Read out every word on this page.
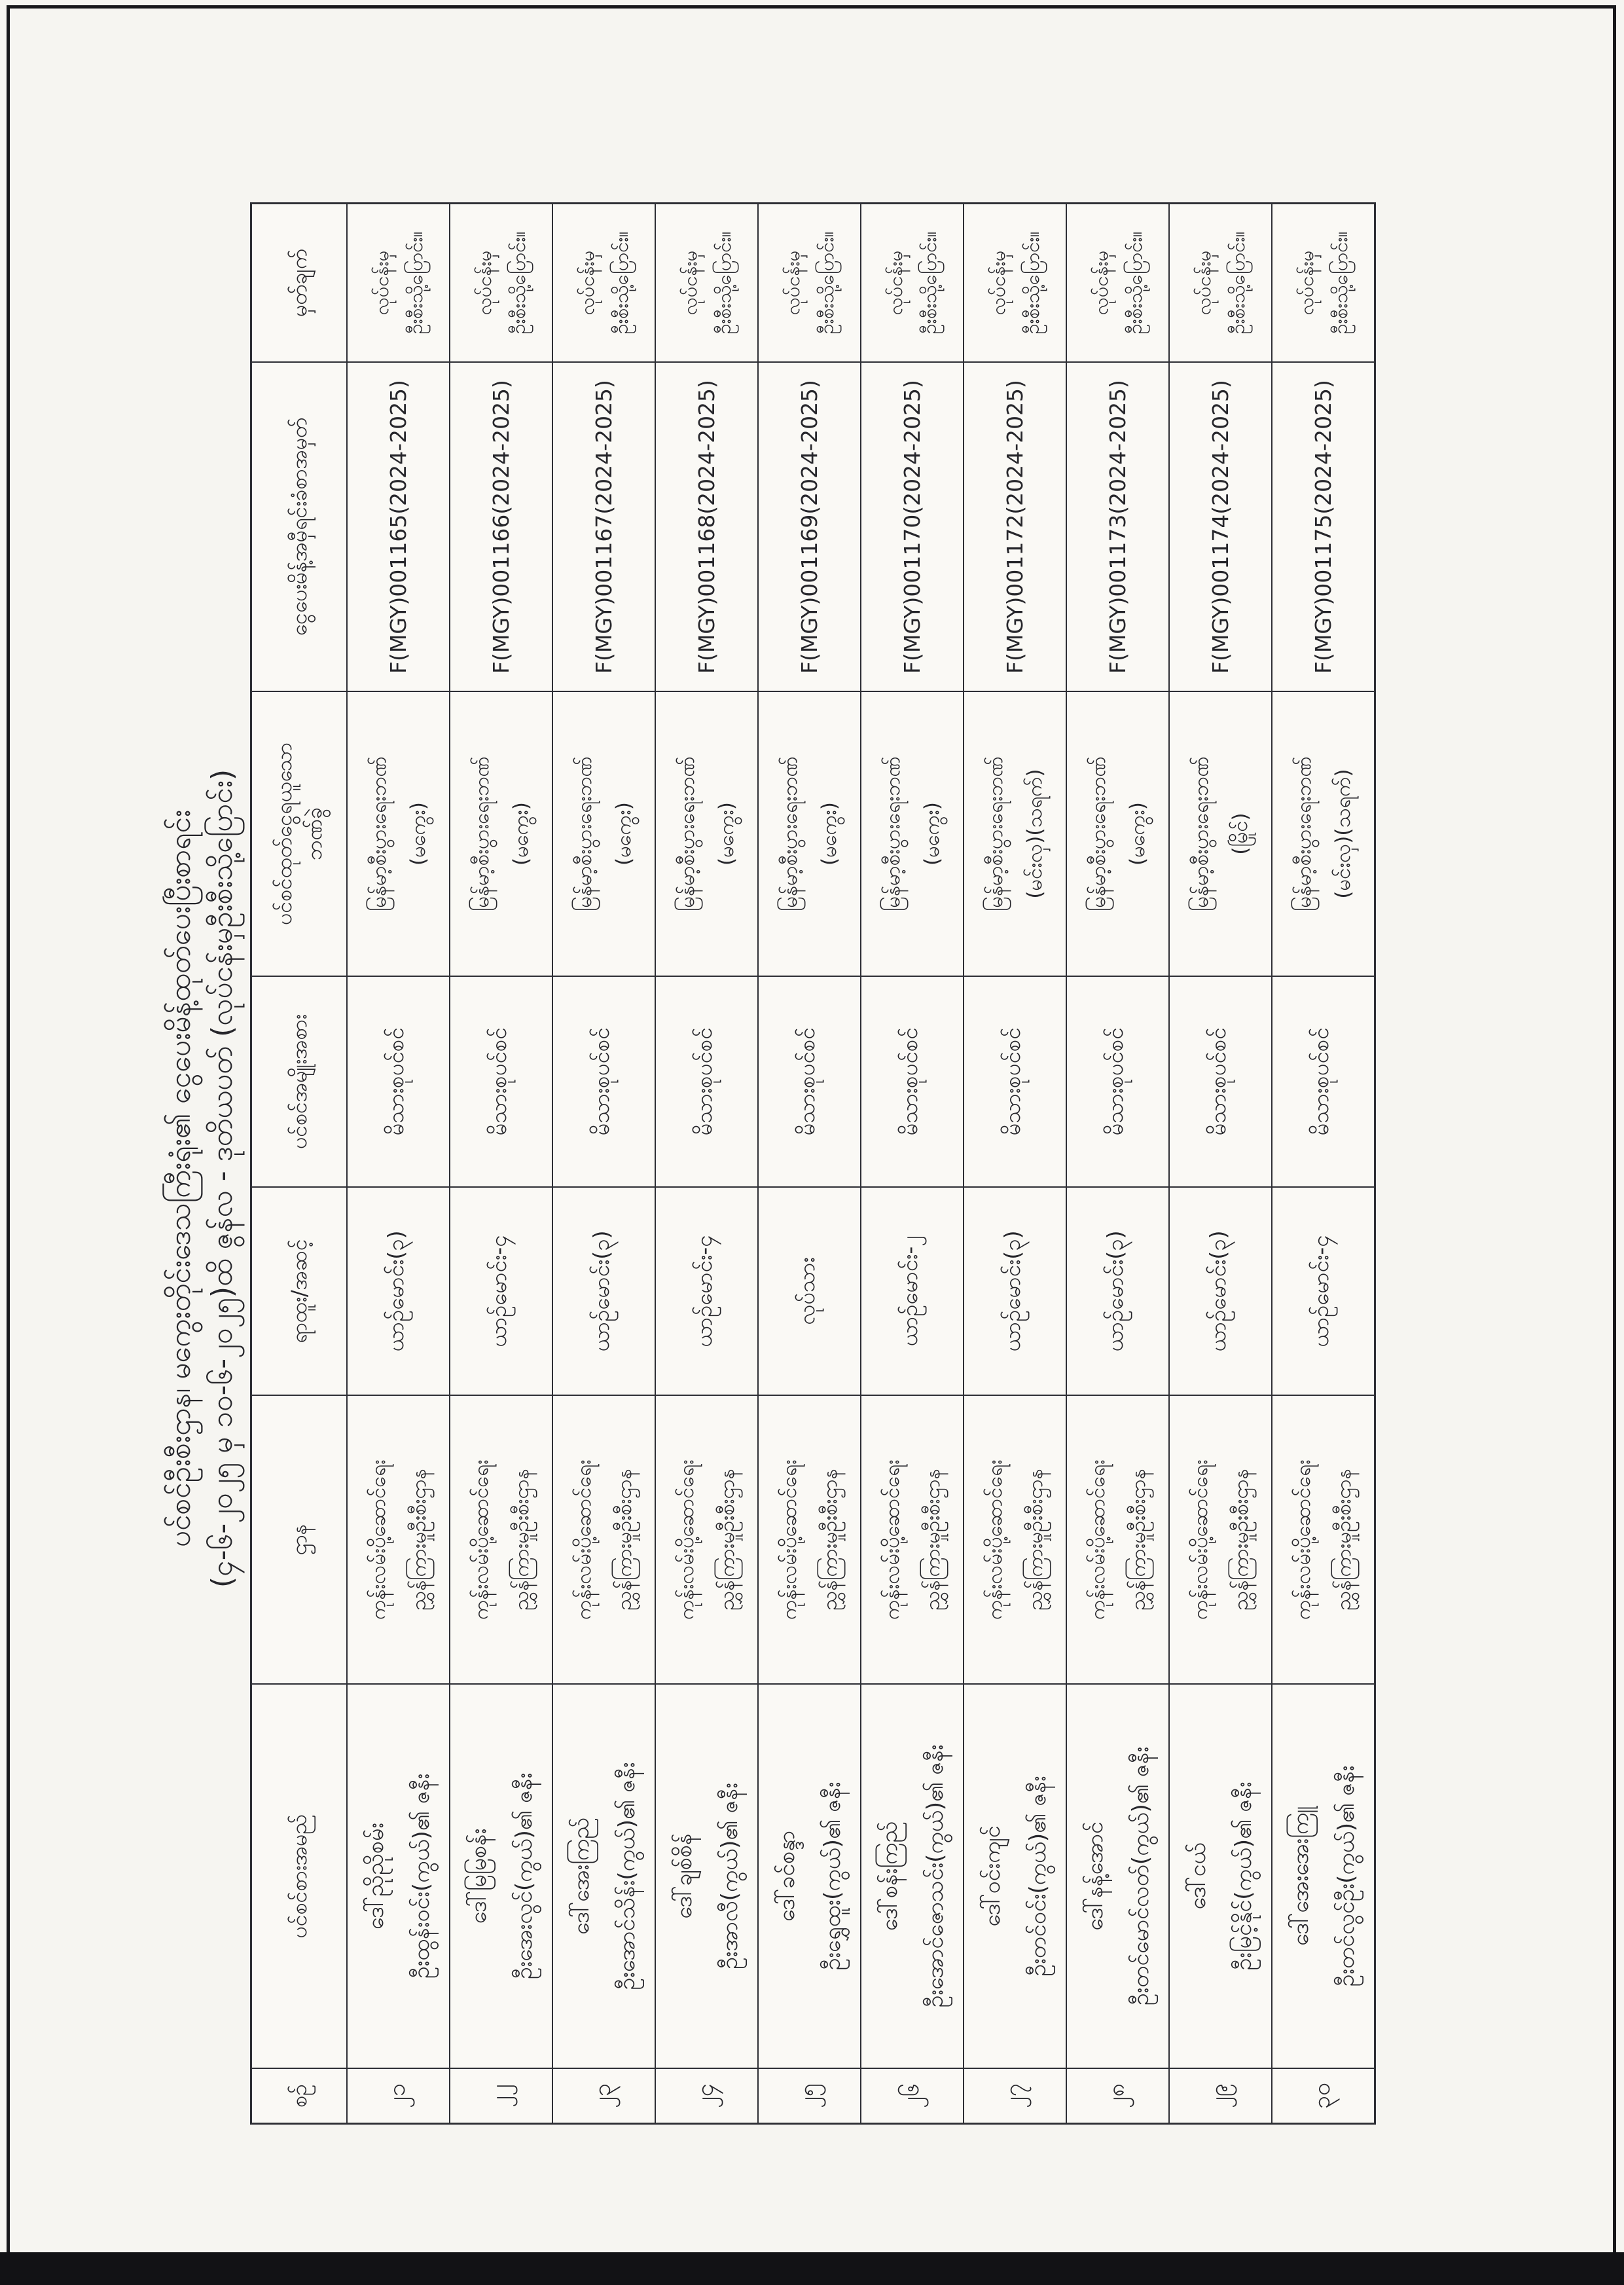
ပင်စင်ဦးစီးဌာန၊ မကွေးတိုင်းဒေသကြီးရုံး၏ ငွေပေးမိန့်ထုတ်ပေးပြီးစာရင်း (၄-၆-၂၀၂၅ မှ ၁၀-၆-၂၀၂၅)ထိ ဇွန်လ - ဒုတိယပတ် (လုပ်ငန်းမှဦးစီးသို့ပြောင်း)
စဉ်
ပင်စင်စားအမည်
ဌာန
ရာထူး/အဆင့်
ပင်စင်အမျိုးအစား
ပင်စင်ထုတ်ငွေရယူသော ဘဏ်ခွဲ
ငွေပေးမိန့်အမှီရင်းခံစာအမှတ်
မှတ်ချက်
၂၁
ဒေါ်ညိုညိုစမ်း ဦးထွန်းဝင်း(ကွယ်)၏ ဇနီး
ကုန်းလမ်းပို့ဆောင်ရေး ညွှန်ကြားမှုဦးစီးဌာန
ယာဉ်မောင်း(၃)
မိသားစုပင်စင်
မြန်မာ့စီးပွားရေးဘဏ် (မကွေး)
F(MGY)001165(2024-2025)
လုပ်ငန်းမှ ဦးစီးသို့ပြောင်း။
၂၂
ဒေါ်မြမြစန်း ဦးအေးလွင်(ကွယ်)၏ ဇနီး
ကုန်းလမ်းပို့ဆောင်ရေး ညွှန်ကြားမှုဦးစီးဌာန
ယာဉ်မောင်း-၄
မိသားစုပင်စင်
မြန်မာ့စီးပွားရေးဘဏ် (မကွေး)
F(MGY)001166(2024-2025)
လုပ်ငန်းမှ ဦးစီးသို့ပြောင်း။
၂၃
ဒေါ်အေးကြည် ဦးအောင်သိန်း(ကွယ်)၏ ဇနီး
ကုန်းလမ်းပို့ဆောင်ရေး ညွှန်ကြားမှုဦးစီးဌာန
ယာဉ်မောင်း(၃)
မိသားစုပင်စင်
မြန်မာ့စီးပွားရေးဘဏ် (မကွေး)
F(MGY)001167(2024-2025)
လုပ်ငန်းမှ ဦးစီးသို့ပြောင်း။
၂၄
ဒေါ်ချစ်စိန် ဦးအာလီ(ကွယ်)၏ ဇနီး
ကုန်းလမ်းပို့ဆောင်ရေး ညွှန်ကြားမှုဦးစီးဌာန
ယာဉ်မောင်း-၄
မိသားစုပင်စင်
မြန်မာ့စီးပွားရေးဘဏ် (မကွေး)
F(MGY)001168(2024-2025)
လုပ်ငန်းမှ ဦးစီးသို့ပြောင်း။
၂၅
ဒေါ်ခင်စန္ဒာ ဦးရွှေထူး(ကွယ်)၏ ဇနီး
ကုန်းလမ်းပို့ဆောင်ရေး ညွှန်ကြားမှုဦးစီးဌာန
လုပ်သား
မိသားစုပင်စင်
မြန်မာ့စီးပွားရေးဘဏ် (မကွေး)
F(MGY)001169(2024-2025)
လုပ်ငန်းမှ ဦးစီးသို့ပြောင်း။
၂၆
ဒေါ်စန်းကြည် ဦးအောင်ဇောသင်း(ကွယ်)၏ ဇနီး
ကုန်းလမ်းပို့ဆောင်ရေး ညွှန်ကြားမှုဦးစီးဌာန
ယာဉ်မောင်း-၂
မိသားစုပင်စင်
မြန်မာ့စီးပွားရေးဘဏ် (မကွေး)
F(MGY)001170(2024-2025)
လုပ်ငန်းမှ ဦးစီးသို့ပြောင်း။
၂၇
ဒေါ်ဝင်းကျင် ဦးတင်ဝင်း(ကွယ်)၏ ဇနီး
ကုန်းလမ်းပို့ဆောင်ရေး ညွှန်ကြားမှုဦးစီးဌာန
ယာဉ်မောင်း(၃)
မိသားစုပင်စင်
မြန်မာ့စီးပွားရေးဘဏ် (မင်းလှ)(သရက်)
F(MGY)001172(2024-2025)
လုပ်ငန်းမှ ဦးစီးသို့ပြောင်း။
၂၈
ဒေါ်နန့်အောင် ဦးတင်မောင်လတ်(ကွယ်)၏ ဇနီး
ကုန်းလမ်းပို့ဆောင်ရေး ညွှန်ကြားမှုဦးစီးဌာန
ယာဉ်မောင်း(၃)
မိသားစုပင်စင်
မြန်မာ့စီးပွားရေးဘဏ် (မကွေး)
F(MGY)001173(2024-2025)
လုပ်ငန်းမှ ဦးစီးသို့ပြောင်း။
၂၉
ဒေါ်ငယ် ဦးမြင့်နိုင်(ကွယ်)၏ ဇနီး
ကုန်းလမ်းပို့ဆောင်ရေး ညွှန်ကြားမှုဦးစီးဌာန
ယာဉ်မောင်း(၃)
မိသားစုပင်စင်
မြန်မာ့စီးပွားရေးဘဏ် (မြိုင်)
F(MGY)001174(2024-2025)
လုပ်ငန်းမှ ဦးစီးသို့ပြောင်း။
၃၀
ဒေါ်အေးအေးကြူ ဦးတင်လွင်ဦး(ကွယ်)၏ ဇနီး
ကုန်းလမ်းပို့ဆောင်ရေး ညွှန်ကြားမှုဦးစီးဌာန
ယာဉ်မောင်း-၄
မိသားစုပင်စင်
မြန်မာ့စီးပွားရေးဘဏ် (မင်းလှ)(သရက်)
F(MGY)001175(2024-2025)
လုပ်ငန်းမှ ဦးစီးသို့ပြောင်း။
